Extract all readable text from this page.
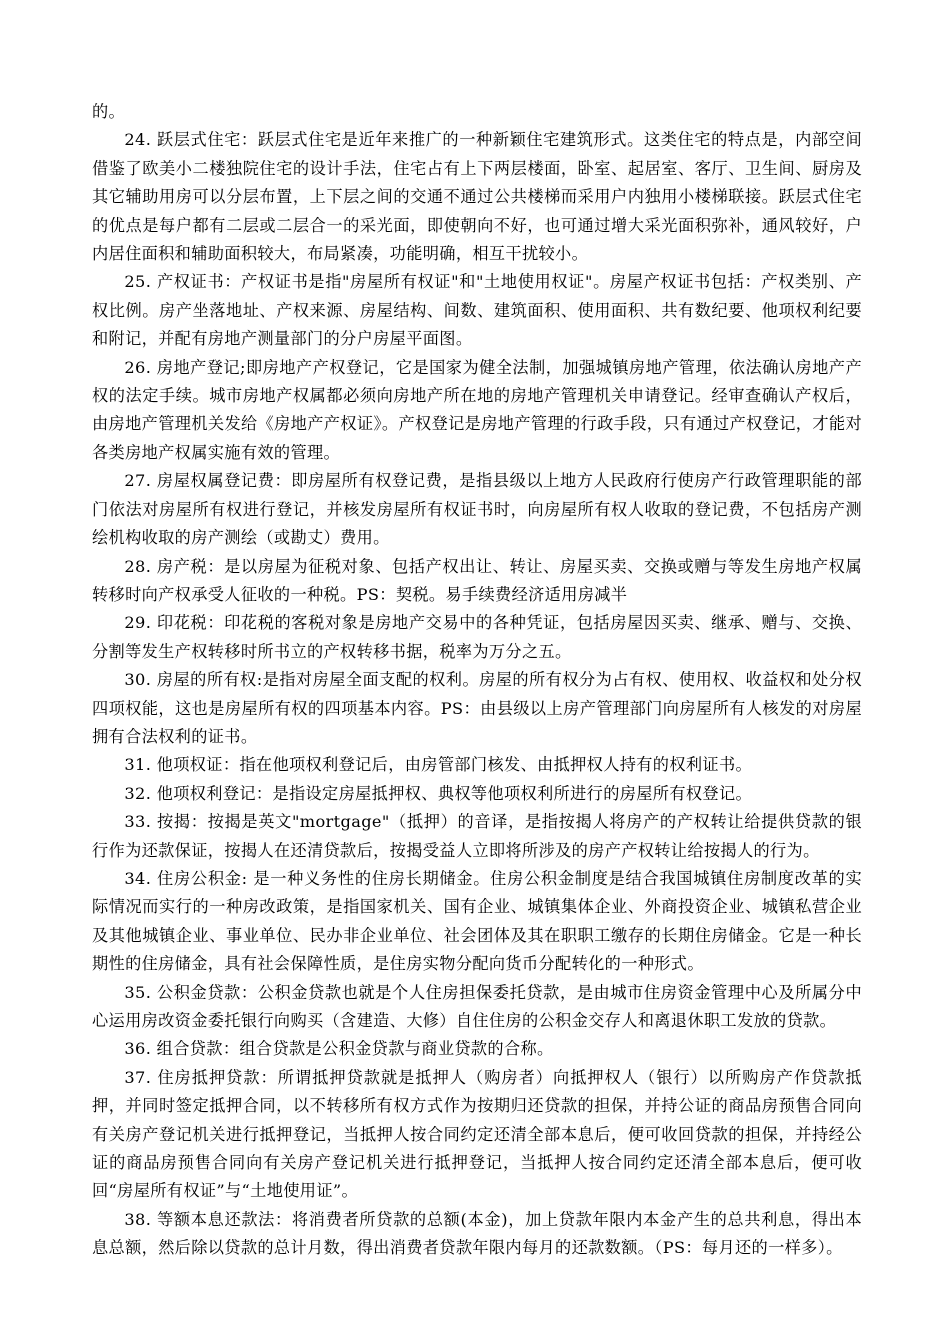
的。

24. 跃层式住宅：跃层式住宅是近年来推广的一种新颖住宅建筑形式。这类住宅的特点是，内部空间借鉴了欧美小二楼独院住宅的设计手法，住宅占有上下两层楼面，卧室、起居室、客厅、卫生间、厨房及其它辅助用房可以分层布置，上下层之间的交通不通过公共楼梯而采用户内独用小楼梯联接。跃层式住宅的优点是每户都有二层或二层合一的采光面，即使朝向不好，也可通过增大采光面积弥补，通风较好，户内居住面积和辅助面积较大，布局紧凑，功能明确，相互干扰较小。

25. 产权证书：产权证书是指"房屋所有权证"和"土地使用权证"。房屋产权证书包括：产权类别、产权比例。房产坐落地址、产权来源、房屋结构、间数、建筑面积、使用面积、共有数纪要、他项权利纪要和附记，并配有房地产测量部门的分户房屋平面图。

26. 房地产登记;即房地产产权登记，它是国家为健全法制，加强城镇房地产管理，依法确认房地产产权的法定手续。城市房地产权属都必须向房地产所在地的房地产管理机关申请登记。经审查确认产权后，由房地产管理机关发给《房地产产权证》。产权登记是房地产管理的行政手段，只有通过产权登记，才能对各类房地产权属实施有效的管理。

27. 房屋权属登记费：即房屋所有权登记费，是指县级以上地方人民政府行使房产行政管理职能的部门依法对房屋所有权进行登记，并核发房屋所有权证书时，向房屋所有权人收取的登记费，不包括房产测绘机构收取的房产测绘（或勘丈）费用。

28. 房产税：是以房屋为征税对象、包括产权出让、转让、房屋买卖、交换或赠与等发生房地产权属转移时向产权承受人征收的一种税。PS：契税。易手续费经济适用房减半

29. 印花税：印花税的客税对象是房地产交易中的各种凭证，包括房屋因买卖、继承、赠与、交换、分割等发生产权转移时所书立的产权转移书据，税率为万分之五。

30. 房屋的所有权:是指对房屋全面支配的权利。房屋的所有权分为占有权、使用权、收益权和处分权四项权能，这也是房屋所有权的四项基本内容。PS：由县级以上房产管理部门向房屋所有人核发的对房屋拥有合法权利的证书。

31. 他项权证：指在他项权利登记后，由房管部门核发、由抵押权人持有的权利证书。

32. 他项权利登记：是指设定房屋抵押权、典权等他项权利所进行的房屋所有权登记。

33. 按揭：按揭是英文"mortgage"（抵押）的音译，是指按揭人将房产的产权转让给提供贷款的银行作为还款保证，按揭人在还清贷款后，按揭受益人立即将所涉及的房产产权转让给按揭人的行为。

34. 住房公积金: 是一种义务性的住房长期储金。住房公积金制度是结合我国城镇住房制度改革的实际情况而实行的一种房改政策，是指国家机关、国有企业、城镇集体企业、外商投资企业、城镇私营企业及其他城镇企业、事业单位、民办非企业单位、社会团体及其在职职工缴存的长期住房储金。它是一种长期性的住房储金，具有社会保障性质，是住房实物分配向货币分配转化的一种形式。

35. 公积金贷款：公积金贷款也就是个人住房担保委托贷款，是由城市住房资金管理中心及所属分中心运用房改资金委托银行向购买（含建造、大修）自住住房的公积金交存人和离退休职工发放的贷款。

36. 组合贷款：组合贷款是公积金贷款与商业贷款的合称。

37. 住房抵押贷款：所谓抵押贷款就是抵押人（购房者）向抵押权人（银行）以所购房产作贷款抵押，并同时签定抵押合同，以不转移所有权方式作为按期归还贷款的担保，并持公证的商品房预售合同向有关房产登记机关进行抵押登记，当抵押人按合同约定还清全部本息后，便可收回贷款的担保，并持经公证的商品房预售合同向有关房产登记机关进行抵押登记，当抵押人按合同约定还清全部本息后，便可收回“房屋所有权证”与“土地使用证”。

38. 等额本息还款法：将消费者所贷款的总额(本金)，加上贷款年限内本金产生的总共利息，得出本息总额，然后除以贷款的总计月数，得出消费者贷款年限内每月的还款数额。（PS：每月还的一样多）。
